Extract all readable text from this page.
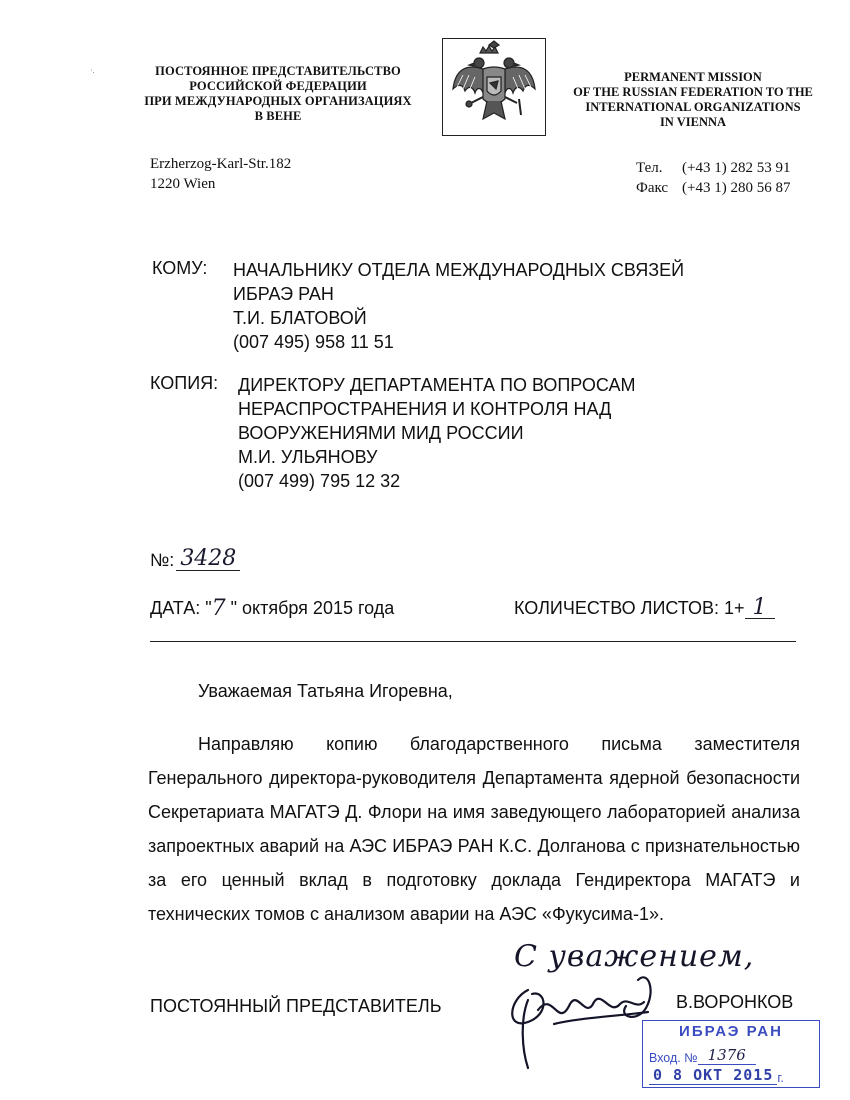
·.	ПОСТОЯННОЕ ПРЕДСТАВИТЕЛЬСТВО
РОССИЙСКОЙ ФЕДЕРАЦИИ
ПРИ МЕЖДУНАРОДНЫХ ОРГАНИЗАЦИЯХ
В ВЕНЕ
PERMANENT MISSION
OF THE RUSSIAN FEDERATION TO THE
INTERNATIONAL ORGANIZATIONS
IN VIENNA
Erzherzog-Karl-Str.182
1220 Wien
Тел.	(+43 1) 282 53 91
Факс (+43 1) 280 56 87
КОМУ: НАЧАЛЬНИКУ ОТДЕЛА МЕЖДУНАРОДНЫХ СВЯЗЕЙ
ИБРАЭ РАН
Т.И. БЛАТОВОЙ
(007 495) 958 11 51
КОПИЯ: ДИРЕКТОРУ ДЕПАРТАМЕНТА ПО ВОПРОСАМ
НЕРАСПРОСТРАНЕНИЯ И КОНТРОЛЯ НАД
ВООРУЖЕНИЯМИ МИД РОССИИ
М.И. УЛЬЯНОВУ
(007 499) 795 12 32
№: 3428
ДАТА: " 7 " октября 2015 года	КОЛИЧЕСТВО ЛИСТОВ: 1+ 1
Уважаемая Татьяна Игоревна,
Направляю копию благодарственного письма заместителя Генерального директора-руководителя Департамента ядерной безопасности Секретариата МАГАТЭ Д. Флори на имя заведующего лабораторией анализа запроектных аварий на АЭС ИБРАЭ РАН К.С. Долганова с признательностью за его ценный вклад в подготовку доклада Гендиректора МАГАТЭ и технических томов с анализом аварии на АЭС «Фукусима-1».
С уважением,
ПОСТОЯННЫЙ ПРЕДСТАВИТЕЛЬ	В.ВОРОНКОВ
ИБРАЭ РАН
Вход. № 1376
0 8 ОКТ 2015 г.
